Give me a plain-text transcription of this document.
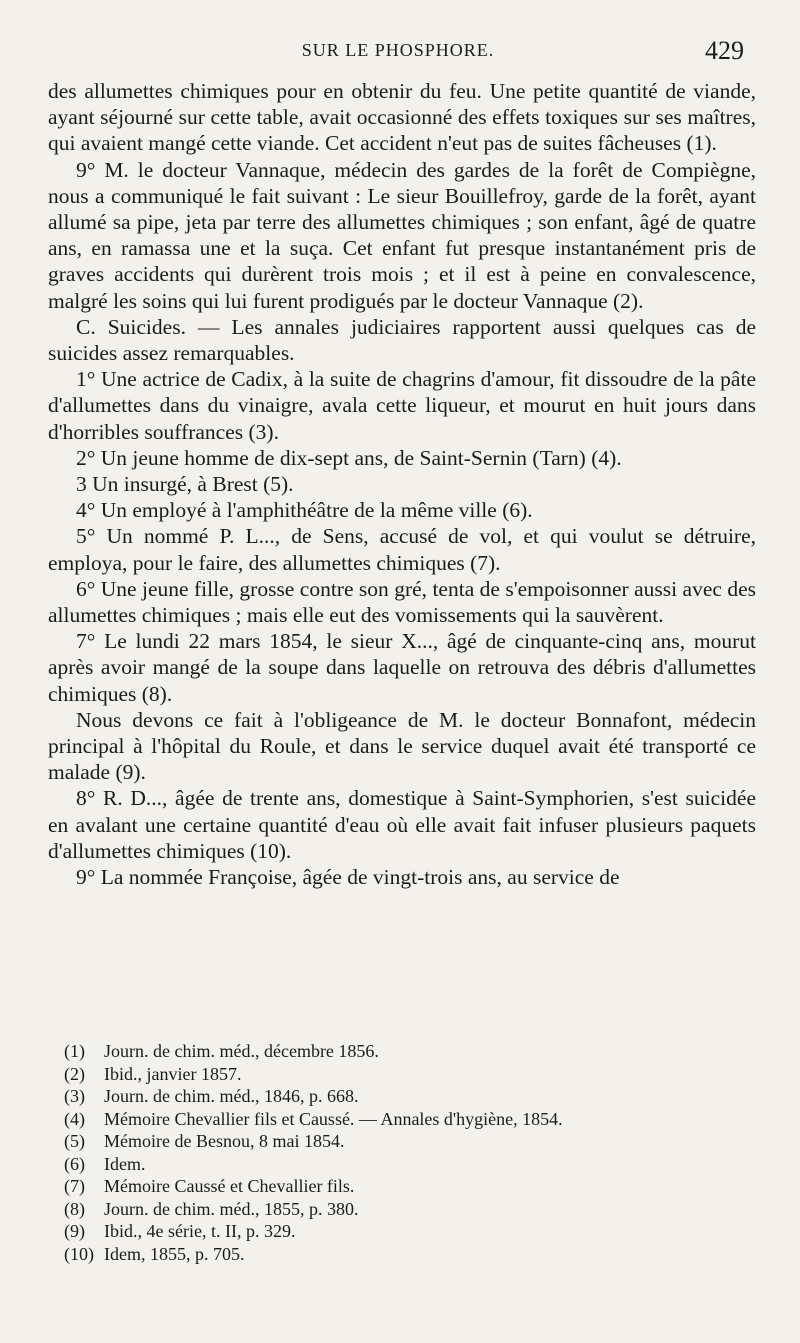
SUR LE PHOSPHORE.	429

des allumettes chimiques pour en obtenir du feu. Une petite quantité de viande, ayant séjourné sur cette table, avait occasionné des effets toxiques sur ses maîtres, qui avaient mangé cette viande. Cet accident n'eut pas de suites fâcheuses (1).

9° M. le docteur Vannaque, médecin des gardes de la forêt de Compiègne, nous a communiqué le fait suivant : Le sieur Bouillefroy, garde de la forêt, ayant allumé sa pipe, jeta par terre des allumettes chimiques ; son enfant, âgé de quatre ans, en ramassa une et la suça. Cet enfant fut presque instantanément pris de graves accidents qui durèrent trois mois ; et il est à peine en convalescence, malgré les soins qui lui furent prodigués par le docteur Vannaque (2).

C. Suicides. — Les annales judiciaires rapportent aussi quelques cas de suicides assez remarquables.

1° Une actrice de Cadix, à la suite de chagrins d'amour, fit dissoudre de la pâte d'allumettes dans du vinaigre, avala cette liqueur, et mourut en huit jours dans d'horribles souffrances (3).

2° Un jeune homme de dix-sept ans, de Saint-Sernin (Tarn) (4).

3 Un insurgé, à Brest (5).

4° Un employé à l'amphithéâtre de la même ville (6).

5° Un nommé P. L..., de Sens, accusé de vol, et qui voulut se détruire, employa, pour le faire, des allumettes chimiques (7).

6° Une jeune fille, grosse contre son gré, tenta de s'empoisonner aussi avec des allumettes chimiques ; mais elle eut des vomissements qui la sauvèrent.

7° Le lundi 22 mars 1854, le sieur X..., âgé de cinquante-cinq ans, mourut après avoir mangé de la soupe dans laquelle on retrouva des débris d'allumettes chimiques (8).

Nous devons ce fait à l'obligeance de M. le docteur Bonnafont, médecin principal à l'hôpital du Roule, et dans le service duquel avait été transporté ce malade (9).

8° R. D..., âgée de trente ans, domestique à Saint-Symphorien, s'est suicidée en avalant une certaine quantité d'eau où elle avait fait infuser plusieurs paquets d'allumettes chimiques (10).

9° La nommée Françoise, âgée de vingt-trois ans, au service de

(1)	Journ. de chim. méd., décembre 1856.
(2)	Ibid., janvier 1857.
(3)	Journ. de chim. méd., 1846, p. 668.
(4)	Mémoire Chevallier fils et Caussé. — Annales d'hygiène, 1854.
(5)	Mémoire de Besnou, 8 mai 1854.
(6)	Idem.
(7)	Mémoire Caussé et Chevallier fils.
(8)	Journ. de chim. méd., 1855, p. 380.
(9)	Ibid., 4e série, t. II, p. 329.
(10) Idem, 1855, p. 705.
